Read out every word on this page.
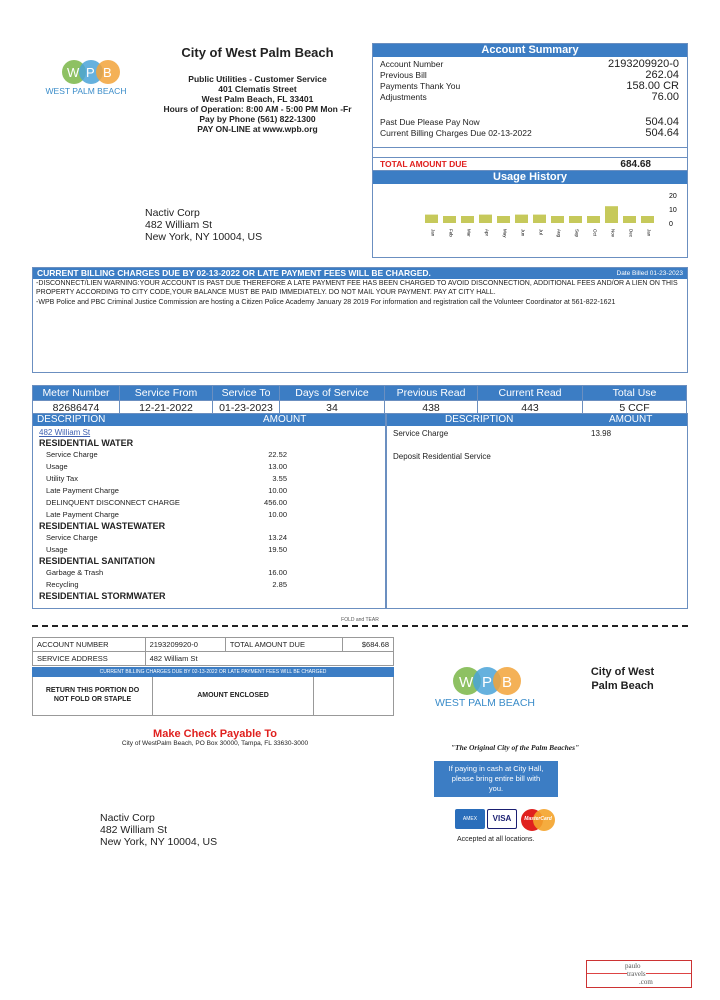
W P B
WEST PALM BEACH
City of West Palm Beach
Public Utilities - Customer Service
401 Clematis Street
West Palm Beach, FL 33401
Hours of Operation: 8:00 AM - 5:00 PM Mon -Fr
Pay by Phone (561) 822-1300
PAY ON-LINE at www.wpb.org
Account Summary
Account Number	2193209920-0
Previous Bill	262.04
Payments Thank You	158.00 CR
Adjustments	76.00
Past Due Please Pay Now	504.04
Current Billing Charges Due 02-13-2022	504.64
TOTAL AMOUNT DUE	684.68
Usage History
20
10
0
Jan	Feb	Mar	Apr	May	Jun	Jul	Aug	Sep	Oct	Nov	Dec	Jan
Nactiv Corp
482 William St
New York, NY 10004, US
CURRENT BILLING CHARGES DUE BY 02-13-2022 OR LATE PAYMENT FEES WILL BE CHARGED.	Date Billed 01-23-2023
-DISCONNECT/LIEN WARNING:YOUR ACCOUNT IS PAST DUE THEREFORE A LATE PAYMENT FEE HAS BEEN CHARGED TO AVOID DISCONNECTION, ADDITIONAL FEES AND/OR A LIEN ON THIS PROPERTY ACCORDING TO CITY CODE,YOUR BALANCE MUST BE PAID IMMEDIATELY. DO NOT MAIL YOUR PAYMENT. PAY AT CITY HALL.
-WPB Police and PBC Criminal Justice Commission are hosting a Citizen Police Academy January 28 2019 For information and registration call the Volunteer Coordinator at 561-822-1621
Meter Number	Service From	Service To	Days of Service	Previous Read	Current Read	Total Use
82686474	12-21-2022	01-23-2023	34	438	443	5 CCF
DESCRIPTION	AMOUNT
482 William St
RESIDENTIAL WATER
Service Charge	22.52
Usage	13.00
Utility Tax	3.55
Late Payment Charge	10.00
DELINQUENT DISCONNECT CHARGE	456.00
Late Payment Charge	10.00
RESIDENTIAL WASTEWATER
Service Charge	13.24
Usage	19.50
RESIDENTIAL SANITATION
Garbage & Trash	16.00
Recycling	2.85
RESIDENTIAL STORMWATER
DESCRIPTION	AMOUNT
Service Charge	13.98
Deposit Residential Service
FOLD and TEAR
ACCOUNT NUMBER	2193209920-0	TOTAL AMOUNT DUE	$684.68
SERVICE ADDRESS	482 William St		
CURRENT BILLING CHARGES DUE BY 02-13-2022 OR LATE PAYMENT FEES WILL BE CHARGED
RETURN THIS PORTION DO NOT FOLD OR STAPLE
AMOUNT ENCLOSED
W P B
WEST PALM BEACH
City of West Palm Beach
Make Check Payable To
City of WestPalm Beach, PO Box 30000, Tampa, FL 33630-3000	"The Original City of the Palm Beaches"
If paying in cash at City Hall, please bring entire bill with you.
AMEX	VISA	MasterCard
Accepted at all locations.
Nactiv Corp
482 William St
New York, NY 10004, US
paulo
travels
.com
